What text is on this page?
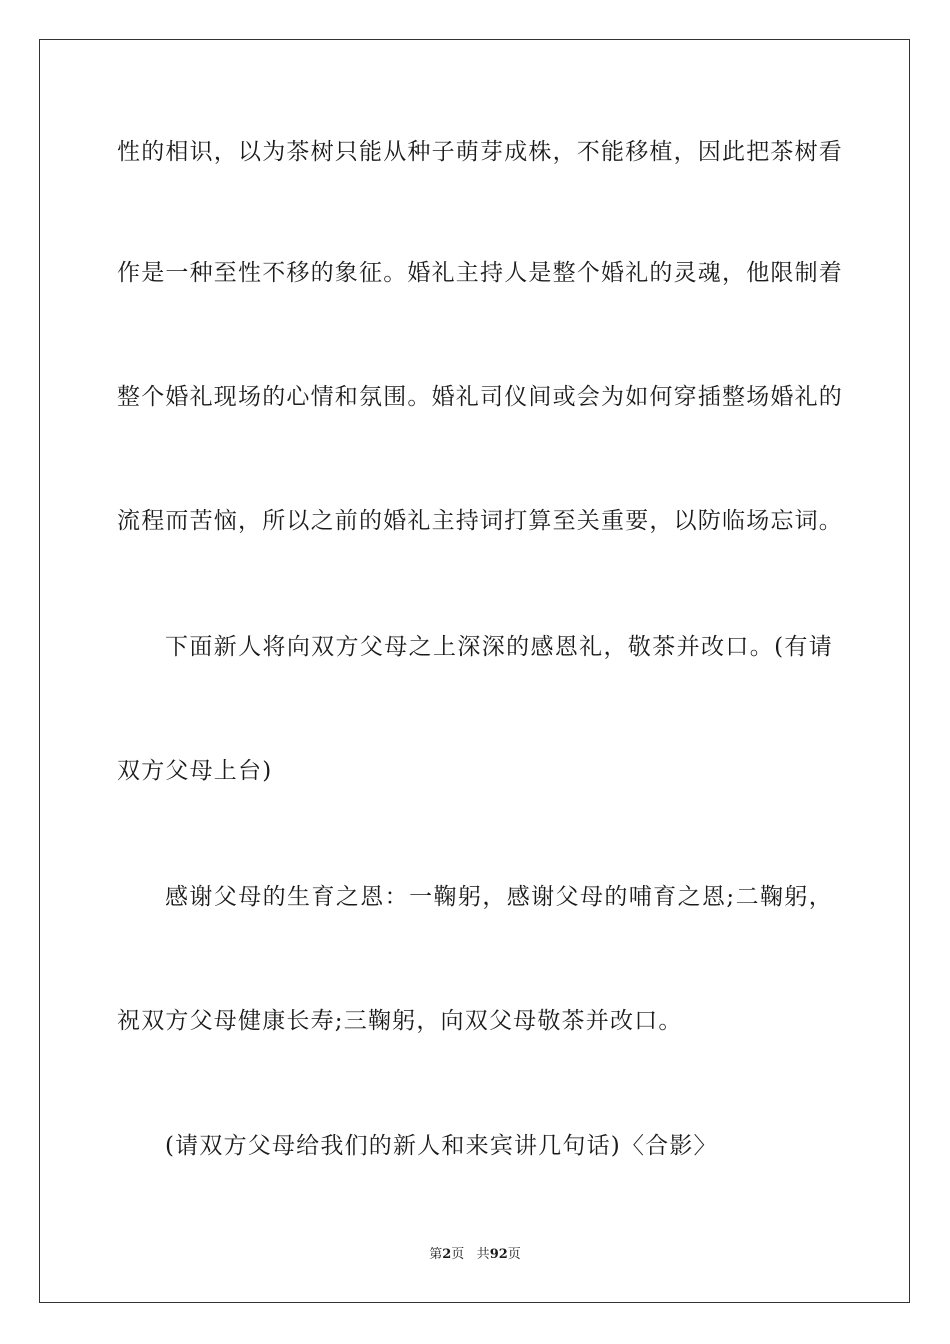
性的相识，以为茶树只能从种子萌芽成株，不能移植，因此把茶树看
作是一种至性不移的象征。婚礼主持人是整个婚礼的灵魂，他限制着
整个婚礼现场的心情和氛围。婚礼司仪间或会为如何穿插整场婚礼的
流程而苦恼，所以之前的婚礼主持词打算至关重要，以防临场忘词。
下面新人将向双方父母之上深深的感恩礼，敬茶并改口。(有请
双方父母上台)
感谢父母的生育之恩：一鞠躬，感谢父母的哺育之恩;二鞠躬，
祝双方父母健康长寿;三鞠躬，向双父母敬茶并改口。
(请双方父母给我们的新人和来宾讲几句话)〈合影〉
第2页 共92页
